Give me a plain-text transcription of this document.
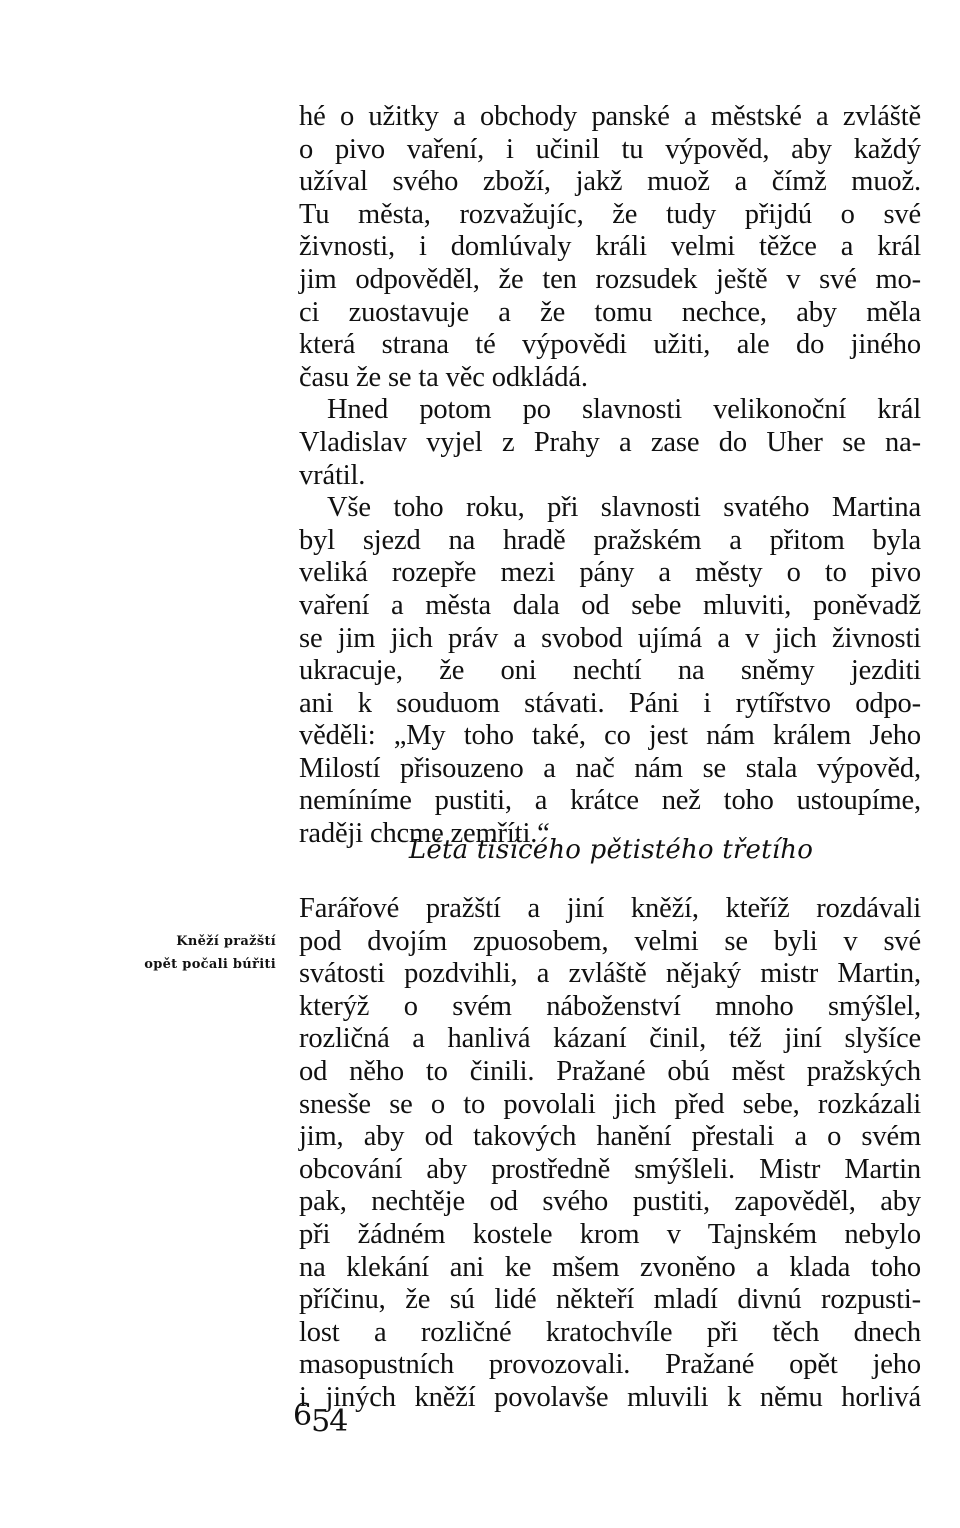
hé o užitky a obchody panské a městské a zvláště
o pivo vaření, i učinil tu výpověd, aby každý
užíval svého zboží, jakž muož a čímž muož.
Tu města, rozvažujíc, že tudy přijdú o své
živnosti, i domlúvaly králi velmi těžce a král
jim odpověděl, že ten rozsudek ještě v své mo-
ci zuostavuje a že tomu nechce, aby měla
která strana té výpovědi užiti, ale do jiného
času že se ta věc odkládá.
Hned potom po slavnosti velikonoční král
Vladislav vyjel z Prahy a zase do Uher se na-
vrátil.
Vše toho roku, při slavnosti svatého Martina
byl sjezd na hradě pražském a přitom byla
veliká rozepře mezi pány a městy o to pivo
vaření a města dala od sebe mluviti, poněvadž
se jim jich práv a svobod ujímá a v jich živnosti
ukracuje, že oni nechtí na sněmy jezditi
ani k souduom stávati. Páni i rytířstvo odpo-
věděli: „My toho také, co jest nám králem Jeho
Milostí přisouzeno a nač nám se stala výpověd,
nemíníme pustiti, a krátce než toho ustoupíme,
raději chcme zemříti.“
Léta tisícého pětistého třetího
Kněží pražští
opět počali búřiti
Farářové pražští a jiní kněží, kteříž rozdávali
pod dvojím zpuosobem, velmi se byli v své
svátosti pozdvihli, a zvláště nějaký mistr Martin,
kterýž o svém náboženství mnoho smýšlel,
rozličná a hanlivá kázaní činil, též jiní slyšíce
od něho to činili. Pražané obú měst pražských
snesše se o to povolali jich před sebe, rozkázali
jim, aby od takových hanění přestali a o svém
obcování aby prostředně smýšleli. Mistr Martin
pak, nechtěje od svého pustiti, zapověděl, aby
při žádném kostele krom v Tajnském nebylo
na klekání ani ke mšem zvoněno a klada toho
příčinu, že sú lidé někteří mladí divnú rozpusti-
lost a rozličné kratochvíle při těch dnech
masopustních provozovali. Pražané opět jeho
i jiných kněží povolavše mluvili k němu horlivá
654
